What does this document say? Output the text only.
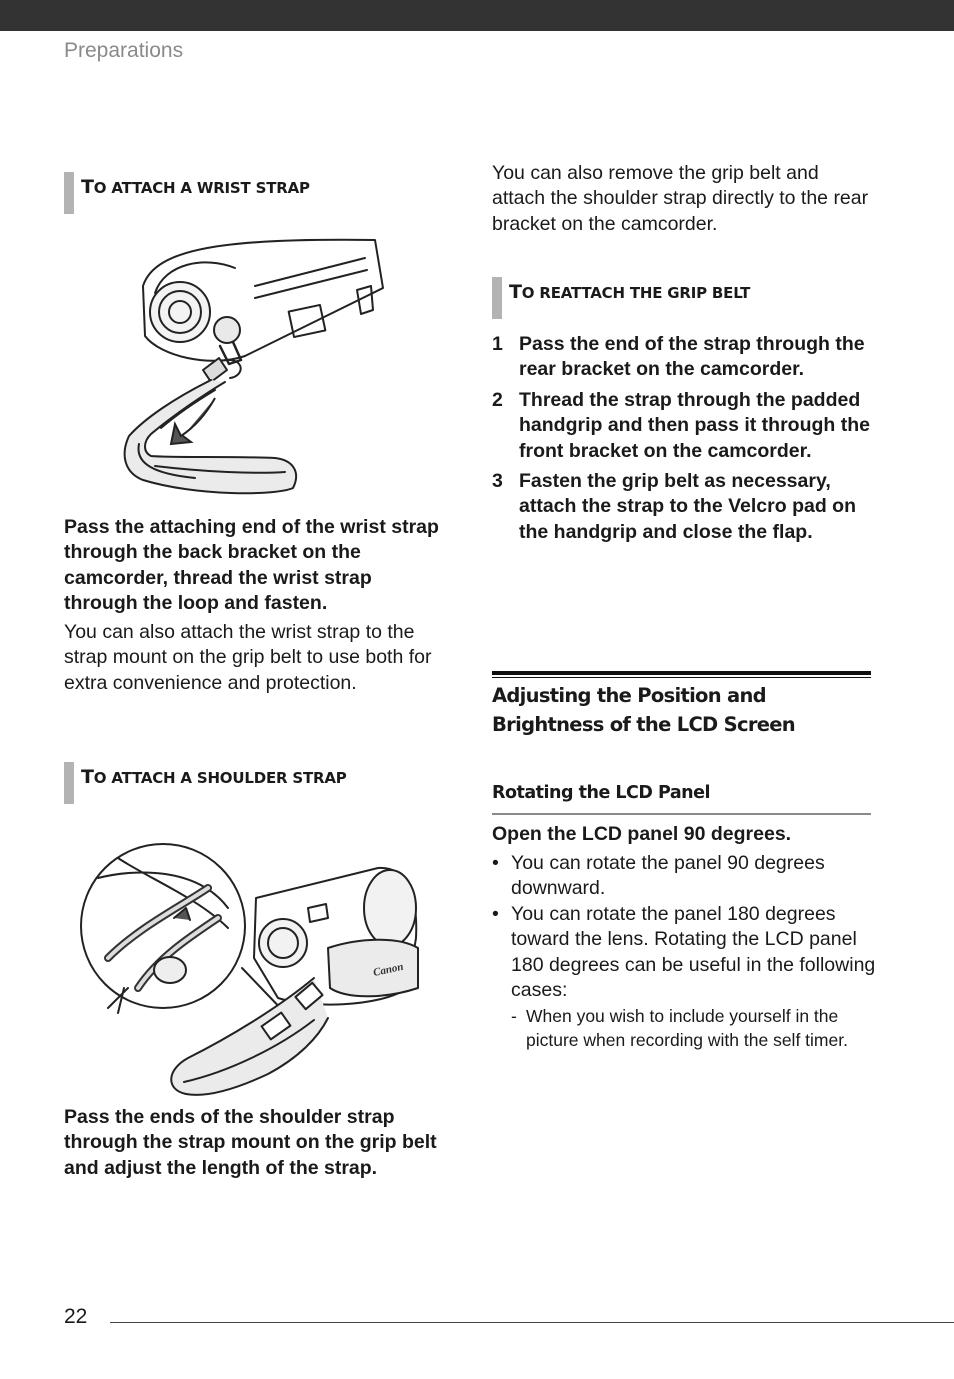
Preparations
TO ATTACH A WRIST STRAP

Pass the attaching end of the wrist strap through the back bracket on the camcorder, thread the wrist strap through the loop and fasten.

You can also attach the wrist strap to the strap mount on the grip belt to use both for extra convenience and protection.

TO ATTACH A SHOULDER STRAP
Canon

Pass the ends of the shoulder strap through the strap mount on the grip belt and adjust the length of the strap.

You can also remove the grip belt and attach the shoulder strap directly to the rear bracket on the camcorder.

TO REATTACH THE GRIP BELT
1 Pass the end of the strap through the rear bracket on the camcorder.
2 Thread the strap through the padded handgrip and then pass it through the front bracket on the camcorder.
3 Fasten the grip belt as necessary, attach the strap to the Velcro pad on the handgrip and close the flap.
Adjusting the Position and Brightness of the LCD Screen
Rotating the LCD Panel

Open the LCD panel 90 degrees.

• You can rotate the panel 90 degrees downward.
• You can rotate the panel 180 degrees toward the lens. Rotating the LCD panel 180 degrees can be useful in the following cases:
- When you wish to include yourself in the picture when recording with the self timer.
22
